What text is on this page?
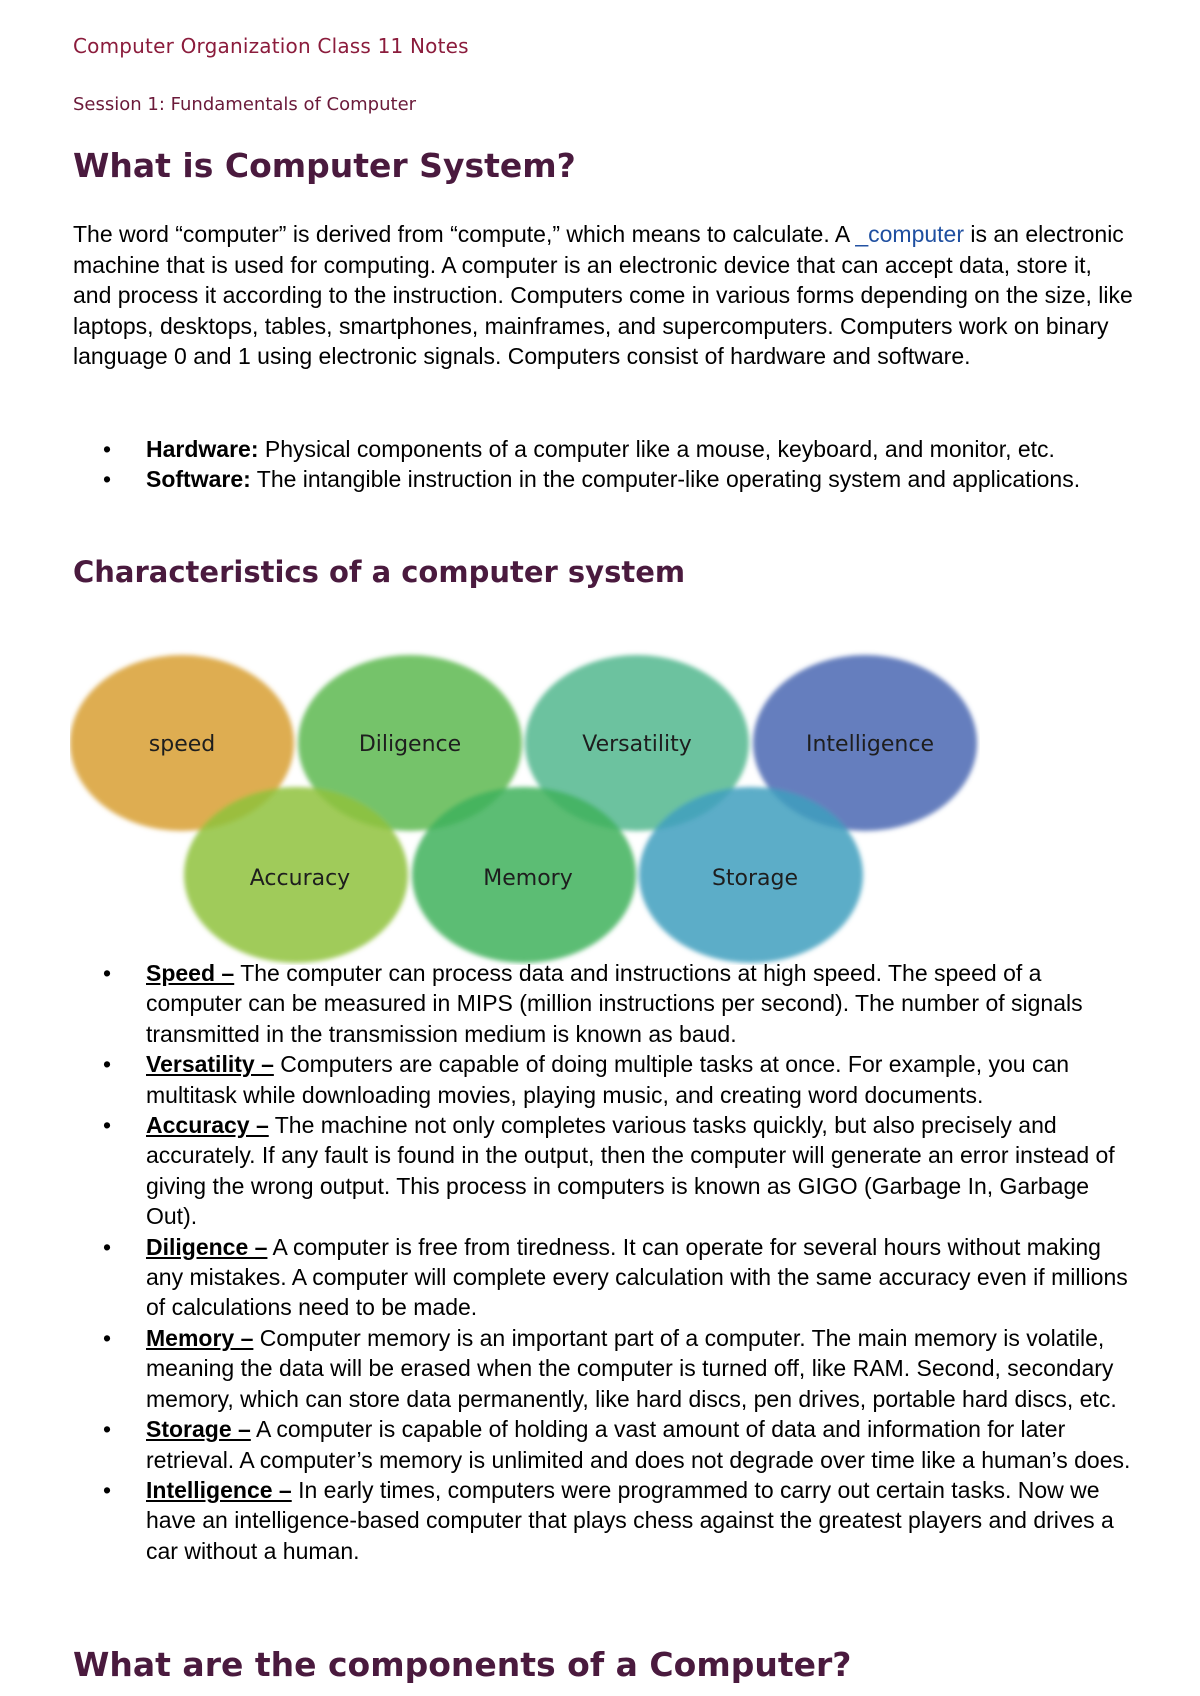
Computer Organization Class 11 Notes
Session 1: Fundamentals of Computer
What is Computer System?

The word “computer” is derived from “compute,” which means to calculate. A _computer is an electronic machine that is used for computing. A computer is an electronic device that can accept data, store it, and process it according to the instruction. Computers come in various forms depending on the size, like laptops, desktops, tables, smartphones, mainframes, and supercomputers. Computers work on binary language 0 and 1 using electronic signals. Computers consist of hardware and software.

• Hardware: Physical components of a computer like a mouse, keyboard, and monitor, etc.
• Software: The intangible instruction in the computer-like operating system and applications.
Characteristics of a computer system
speed	Diligence	Versatility	Intelligence
Accuracy	Memory	Storage
• Speed – The computer can process data and instructions at high speed. The speed of a computer can be measured in MIPS (million instructions per second). The number of signals transmitted in the transmission medium is known as baud.
• Versatility – Computers are capable of doing multiple tasks at once. For example, you can multitask while downloading movies, playing music, and creating word documents.
• Accuracy – The machine not only completes various tasks quickly, but also precisely and accurately. If any fault is found in the output, then the computer will generate an error instead of giving the wrong output. This process in computers is known as GIGO (Garbage In, Garbage Out).
• Diligence – A computer is free from tiredness. It can operate for several hours without making any mistakes. A computer will complete every calculation with the same accuracy even if millions of calculations need to be made.
• Memory – Computer memory is an important part of a computer. The main memory is volatile, meaning the data will be erased when the computer is turned off, like RAM. Second, secondary memory, which can store data permanently, like hard discs, pen drives, portable hard discs, etc.
• Storage – A computer is capable of holding a vast amount of data and information for later retrieval. A computer’s memory is unlimited and does not degrade over time like a human’s does.
• Intelligence – In early times, computers were programmed to carry out certain tasks. Now we have an intelligence-based computer that plays chess against the greatest players and drives a car without a human.
What are the components of a Computer?
